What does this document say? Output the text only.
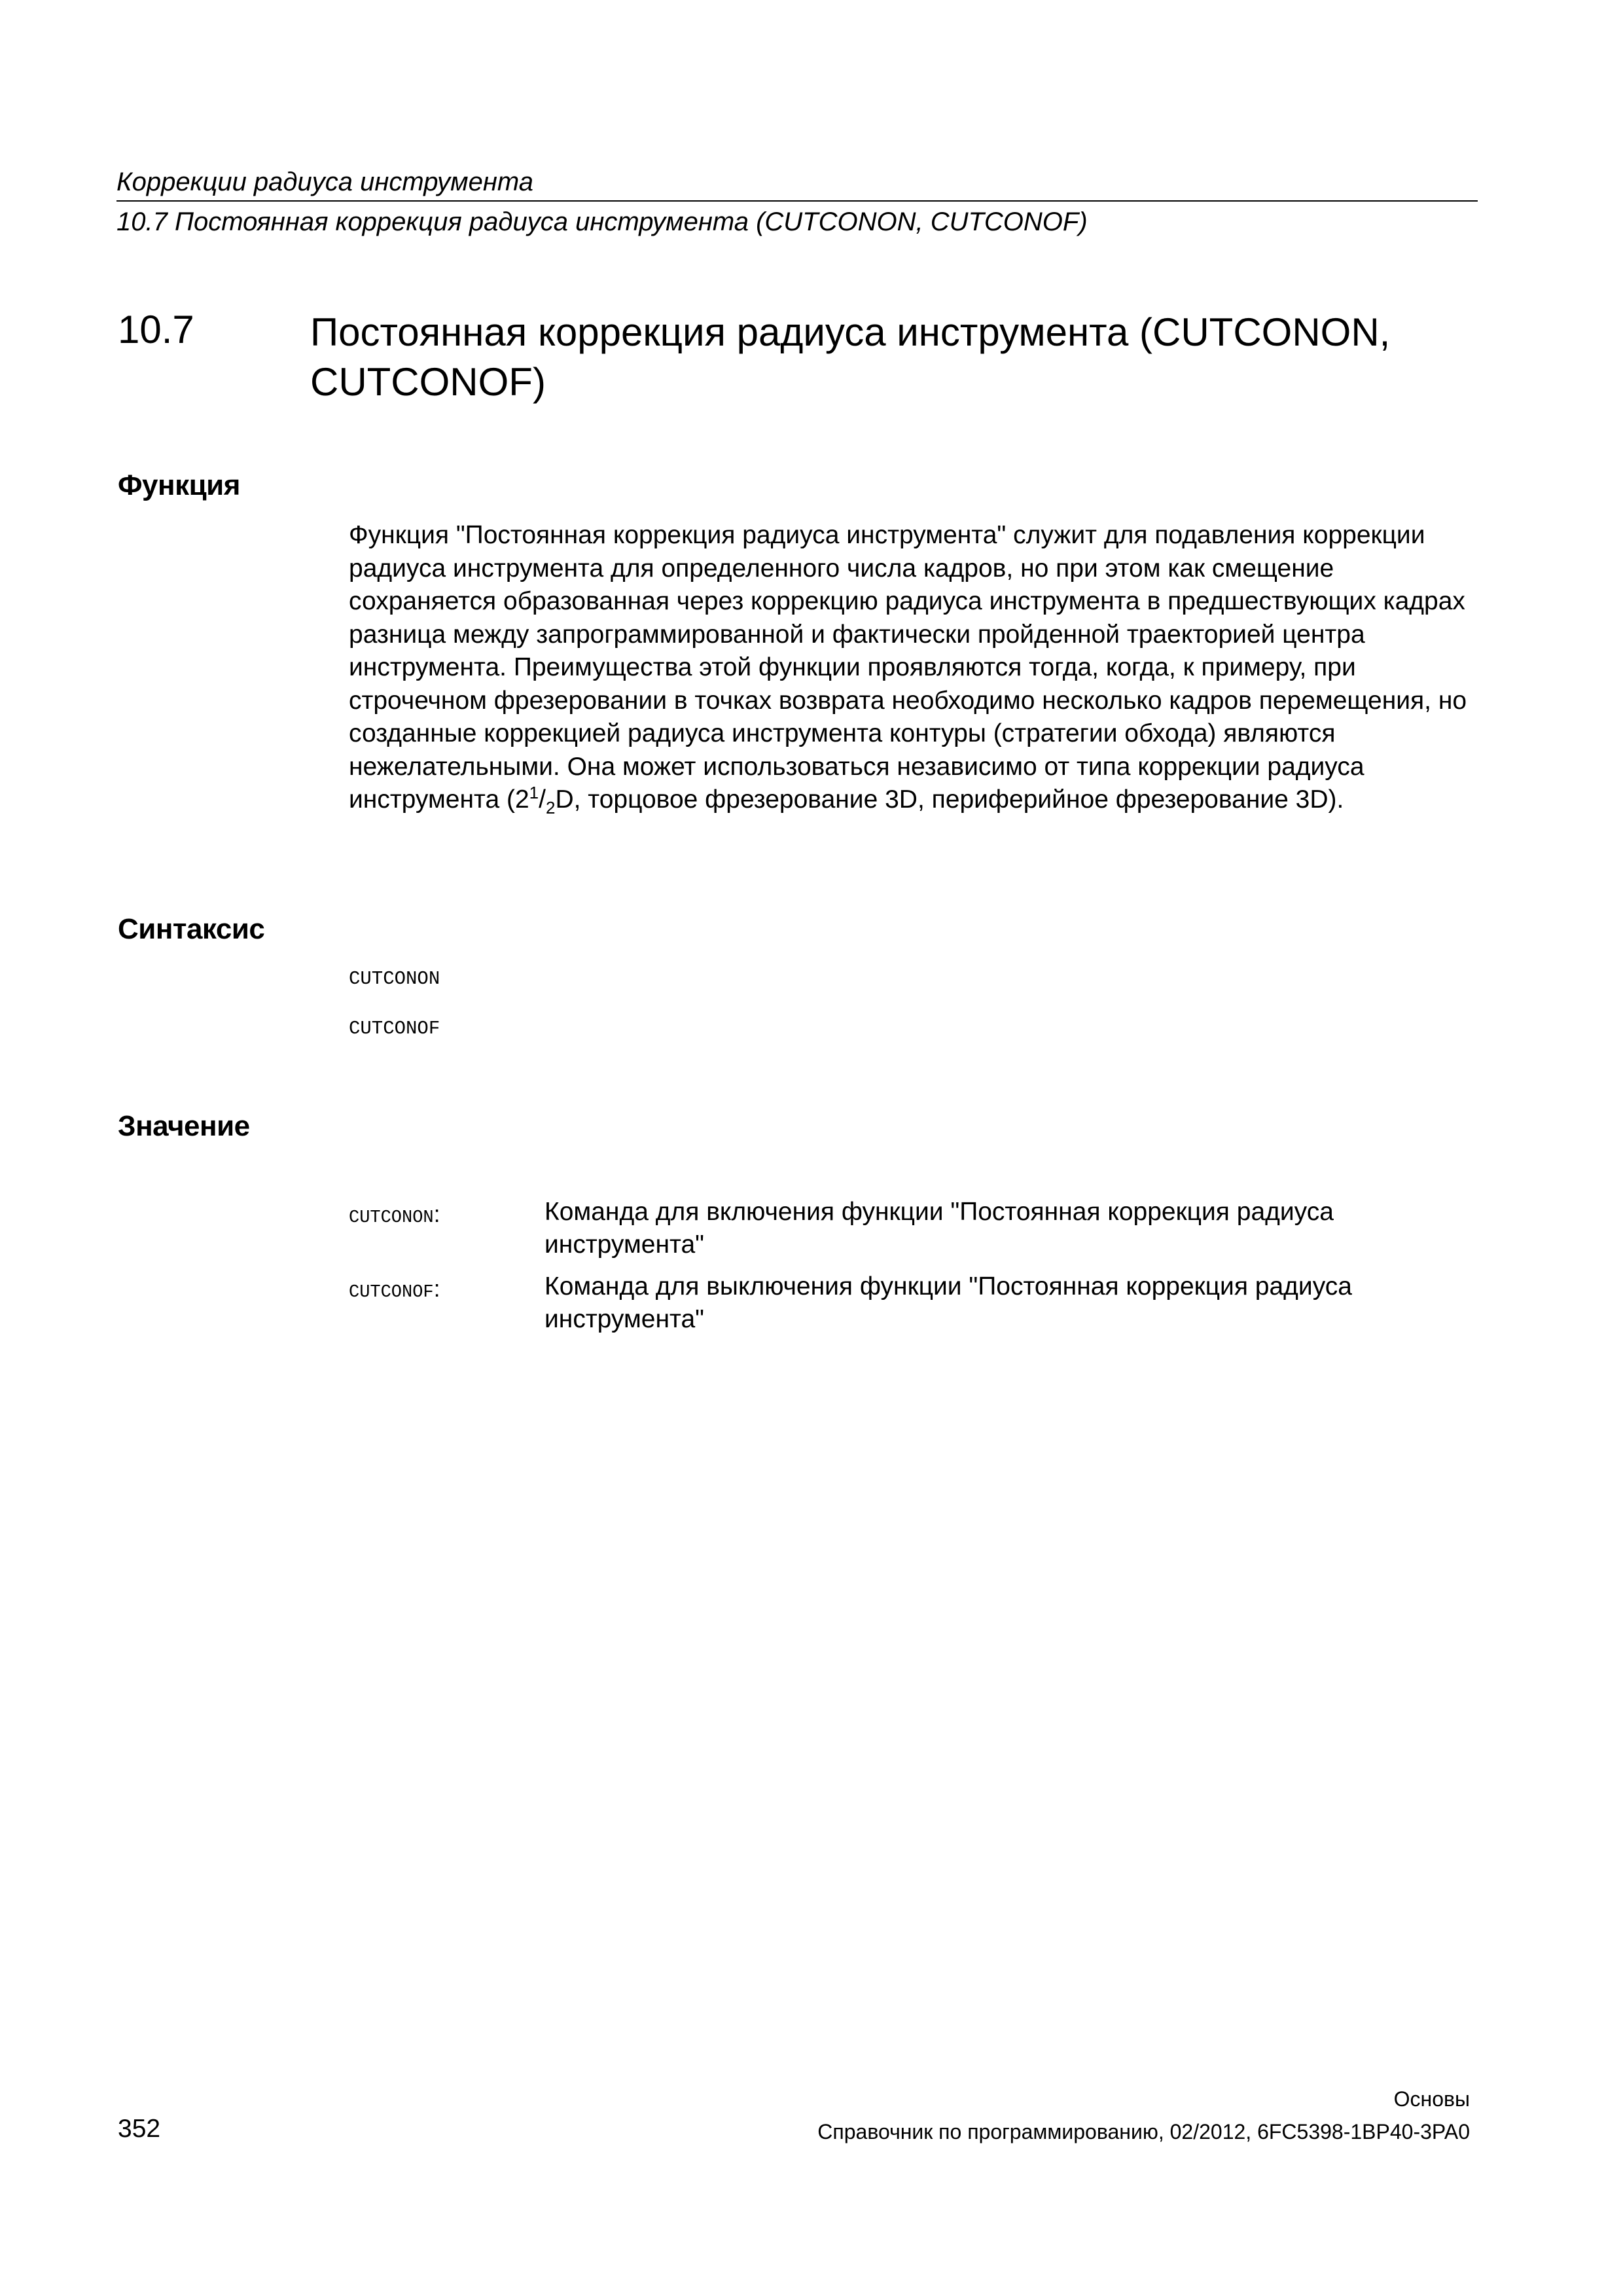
Коррекции радиуса инструмента
10.7 Постоянная коррекция радиуса инструмента (CUTCONON, CUTCONOF)
10.7	Постоянная коррекция радиуса инструмента (CUTCONON, CUTCONOF)
Функция
Функция "Постоянная коррекция радиуса инструмента" служит для подавления коррекции радиуса инструмента для определенного числа кадров, но при этом как смещение сохраняется образованная через коррекцию радиуса инструмента в предшествующих кадрах разница между запрограммированной и фактически пройденной траекторией центра инструмента. Преимущества этой функции проявляются тогда, когда, к примеру, при строчечном фрезеровании в точках возврата необходимо несколько кадров перемещения, но созданные коррекцией радиуса инструмента контуры (стратегии обхода) являются нежелательными. Она может использоваться независимо от типа коррекции радиуса инструмента ($2^1/_2D$, торцовое фрезерование 3D, периферийное фрезерование 3D).
Синтаксис
CUTCONON
CUTCONOF
Значение
CUTCONON:	Команда для включения функции "Постоянная коррекция радиуса инструмента"
CUTCONOF:	Команда для выключения функции "Постоянная коррекция радиуса инструмента"
Основы
352	Справочник по программированию, 02/2012, 6FC5398-1BP40-3PA0
